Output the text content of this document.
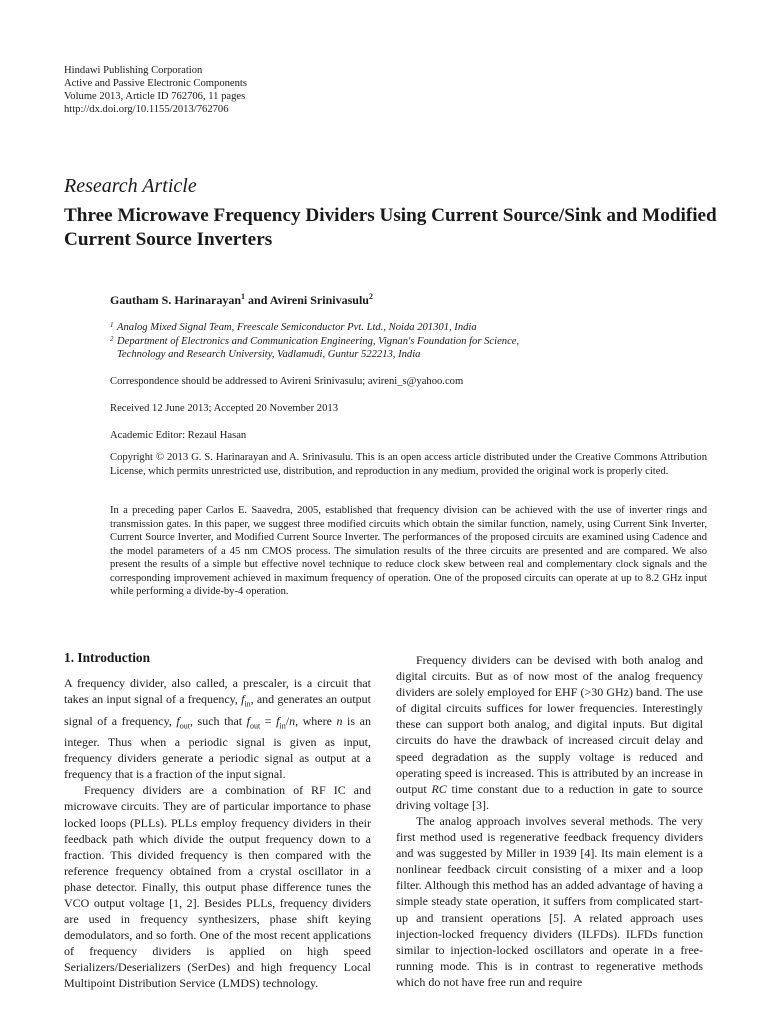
Hindawi Publishing Corporation
Active and Passive Electronic Components
Volume 2013, Article ID 762706, 11 pages
http://dx.doi.org/10.1155/2013/762706
Research Article
Three Microwave Frequency Dividers Using Current Source/Sink and Modified Current Source Inverters
Gautham S. Harinarayan$^1$ and Avireni Srinivasulu$^2$
1 Analog Mixed Signal Team, Freescale Semiconductor Pvt. Ltd., Noida 201301, India
2 Department of Electronics and Communication Engineering, Vignan's Foundation for Science,
Technology and Research University, Vadlamudi, Guntur 522213, India
Correspondence should be addressed to Avireni Srinivasulu; avireni_s@yahoo.com
Received 12 June 2013; Accepted 20 November 2013
Academic Editor: Rezaul Hasan
Copyright © 2013 G. S. Harinarayan and A. Srinivasulu. This is an open access article distributed under the Creative Commons Attribution License, which permits unrestricted use, distribution, and reproduction in any medium, provided the original work is properly cited.
In a preceding paper Carlos E. Saavedra, 2005, established that frequency division can be achieved with the use of inverter rings and transmission gates. In this paper, we suggest three modified circuits which obtain the similar function, namely, using Current Sink Inverter, Current Source Inverter, and Modified Current Source Inverter. The performances of the proposed circuits are examined using Cadence and the model parameters of a 45 nm CMOS process. The simulation results of the three circuits are presented and are compared. We also present the results of a simple but effective novel technique to reduce clock skew between real and complementary clock signals and the corresponding improvement achieved in maximum frequency of operation. One of the proposed circuits can operate at up to 8.2 GHz input while performing a divide-by-4 operation.
1. Introduction

A frequency divider, also called, a prescaler, is a circuit that takes an input signal of a frequency, $f_{in}$, and generates an output signal of a frequency, $f_{out}$, such that $f_{out} = f_{in}/n$, where n is an integer. Thus when a periodic signal is given as input, frequency dividers generate a periodic signal as output at a frequency that is a fraction of the input signal.

Frequency dividers are a combination of RF IC and microwave circuits. They are of particular importance to phase locked loops (PLLs). PLLs employ frequency dividers in their feedback path which divide the output frequency down to a fraction. This divided frequency is then compared with the reference frequency obtained from a crystal oscillator in a phase detector. Finally, this output phase difference tunes the VCO output voltage [1, 2]. Besides PLLs, frequency dividers are used in frequency synthesizers, phase shift keying demodulators, and so forth. One of the most recent applications of frequency dividers is applied on high speed Serializers/Deserializers (SerDes) and high frequency Local Multipoint Distribution Service (LMDS) technology.

Frequency dividers can be devised with both analog and digital circuits. But as of now most of the analog frequency dividers are solely employed for EHF (>30 GHz) band. The use of digital circuits suffices for lower frequencies. Interestingly these can support both analog, and digital inputs. But digital circuits do have the drawback of increased circuit delay and speed degradation as the supply voltage is reduced and operating speed is increased. This is attributed by an increase in output RC time constant due to a reduction in gate to source driving voltage [3].

The analog approach involves several methods. The very first method used is regenerative feedback frequency dividers and was suggested by Miller in 1939 [4]. Its main element is a nonlinear feedback circuit consisting of a mixer and a loop filter. Although this method has an added advantage of having a simple steady state operation, it suffers from complicated start-up and transient operations [5]. A related approach uses injection-locked frequency dividers (ILFDs). ILFDs function similar to injection-locked oscillators and operate in a free-running mode. This is in contrast to regenerative methods which do not have free run and require
